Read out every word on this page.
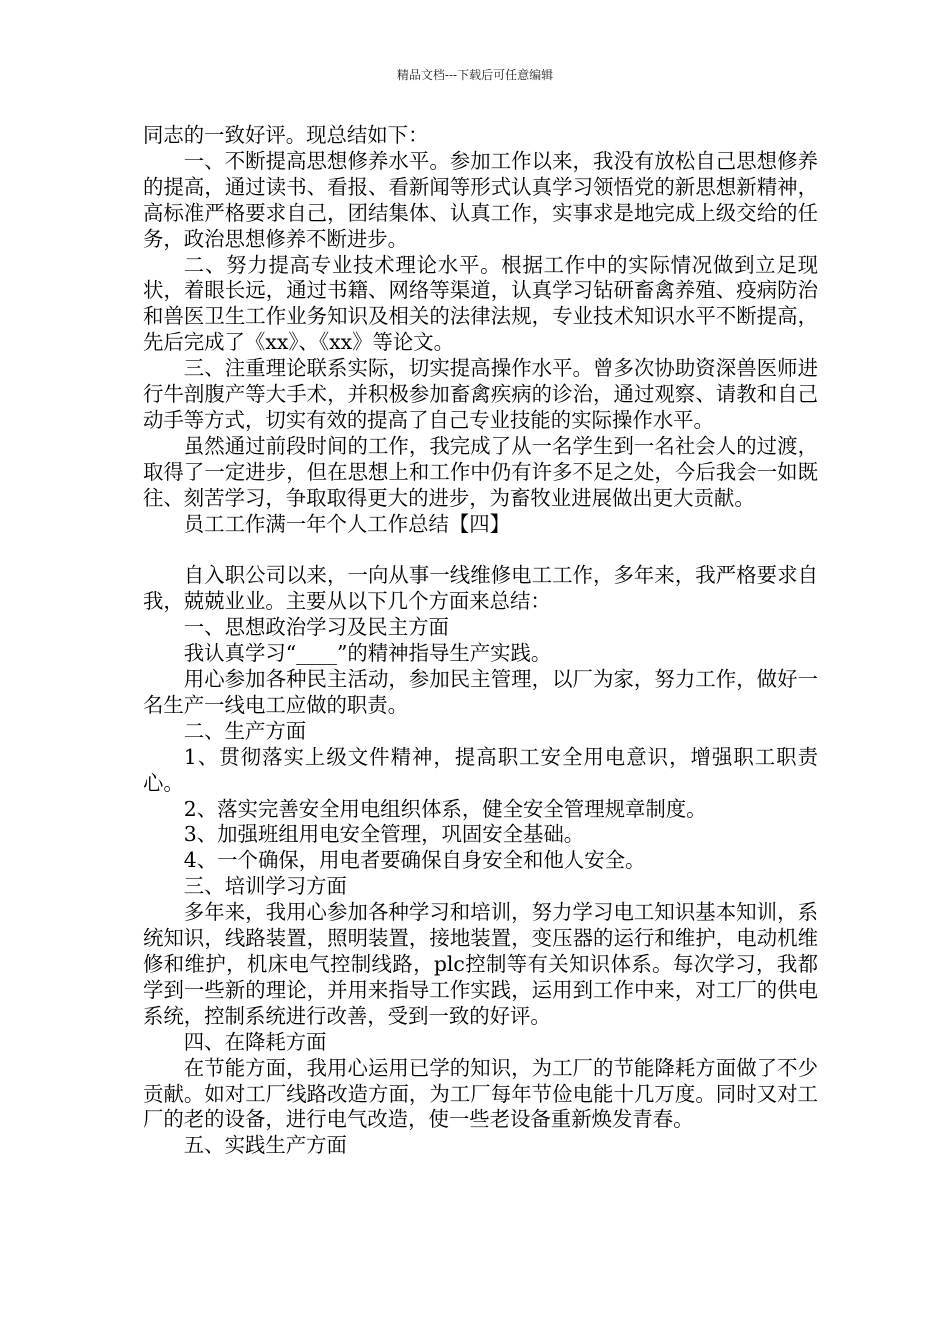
精品文档---下载后可任意编辑

同志的一致好评。现总结如下：

一、不断提高思想修养水平。参加工作以来，我没有放松自己思想修养的提高，通过读书、看报、看新闻等形式认真学习领悟党的新思想新精神，高标准严格要求自己，团结集体、认真工作，实事求是地完成上级交给的任务，政治思想修养不断进步。

二、努力提高专业技术理论水平。根据工作中的实际情况做到立足现状，着眼长远，通过书籍、网络等渠道，认真学习钻研畜禽养殖、疫病防治和兽医卫生工作业务知识及相关的法律法规，专业技术知识水平不断提高，先后完成了《xx》、《xx》等论文。

三、注重理论联系实际，切实提高操作水平。曾多次协助资深兽医师进行牛剖腹产等大手术，并积极参加畜禽疾病的诊治，通过观察、请教和自己动手等方式，切实有效的提高了自己专业技能的实际操作水平。

虽然通过前段时间的工作，我完成了从一名学生到一名社会人的过渡，取得了一定进步，但在思想上和工作中仍有许多不足之处，今后我会一如既往、刻苦学习，争取取得更大的进步，为畜牧业进展做出更大贡献。

员工工作满一年个人工作总结【四】

自入职公司以来，一向从事一线维修电工工作，多年来，我严格要求自我，兢兢业业。主要从以下几个方面来总结：

一、思想政治学习及民主方面

我认真学习“____”的精神指导生产实践。

用心参加各种民主活动，参加民主管理，以厂为家，努力工作，做好一名生产一线电工应做的职责。

二、生产方面

1、贯彻落实上级文件精神，提高职工安全用电意识，增强职工职责心。

2、落实完善安全用电组织体系，健全安全管理规章制度。

3、加强班组用电安全管理，巩固安全基础。

4、一个确保，用电者要确保自身安全和他人安全。

三、培训学习方面

多年来，我用心参加各种学习和培训，努力学习电工知识基本知训，系统知识，线路装置，照明装置，接地装置，变压器的运行和维护，电动机维修和维护，机床电气控制线路，plc控制等有关知识体系。每次学习，我都学到一些新的理论，并用来指导工作实践，运用到工作中来，对工厂的供电系统，控制系统进行改善，受到一致的好评。

四、在降耗方面

在节能方面，我用心运用已学的知识，为工厂的节能降耗方面做了不少贡献。如对工厂线路改造方面，为工厂每年节俭电能十几万度。同时又对工厂的老的设备，进行电气改造，使一些老设备重新焕发青春。

五、实践生产方面
